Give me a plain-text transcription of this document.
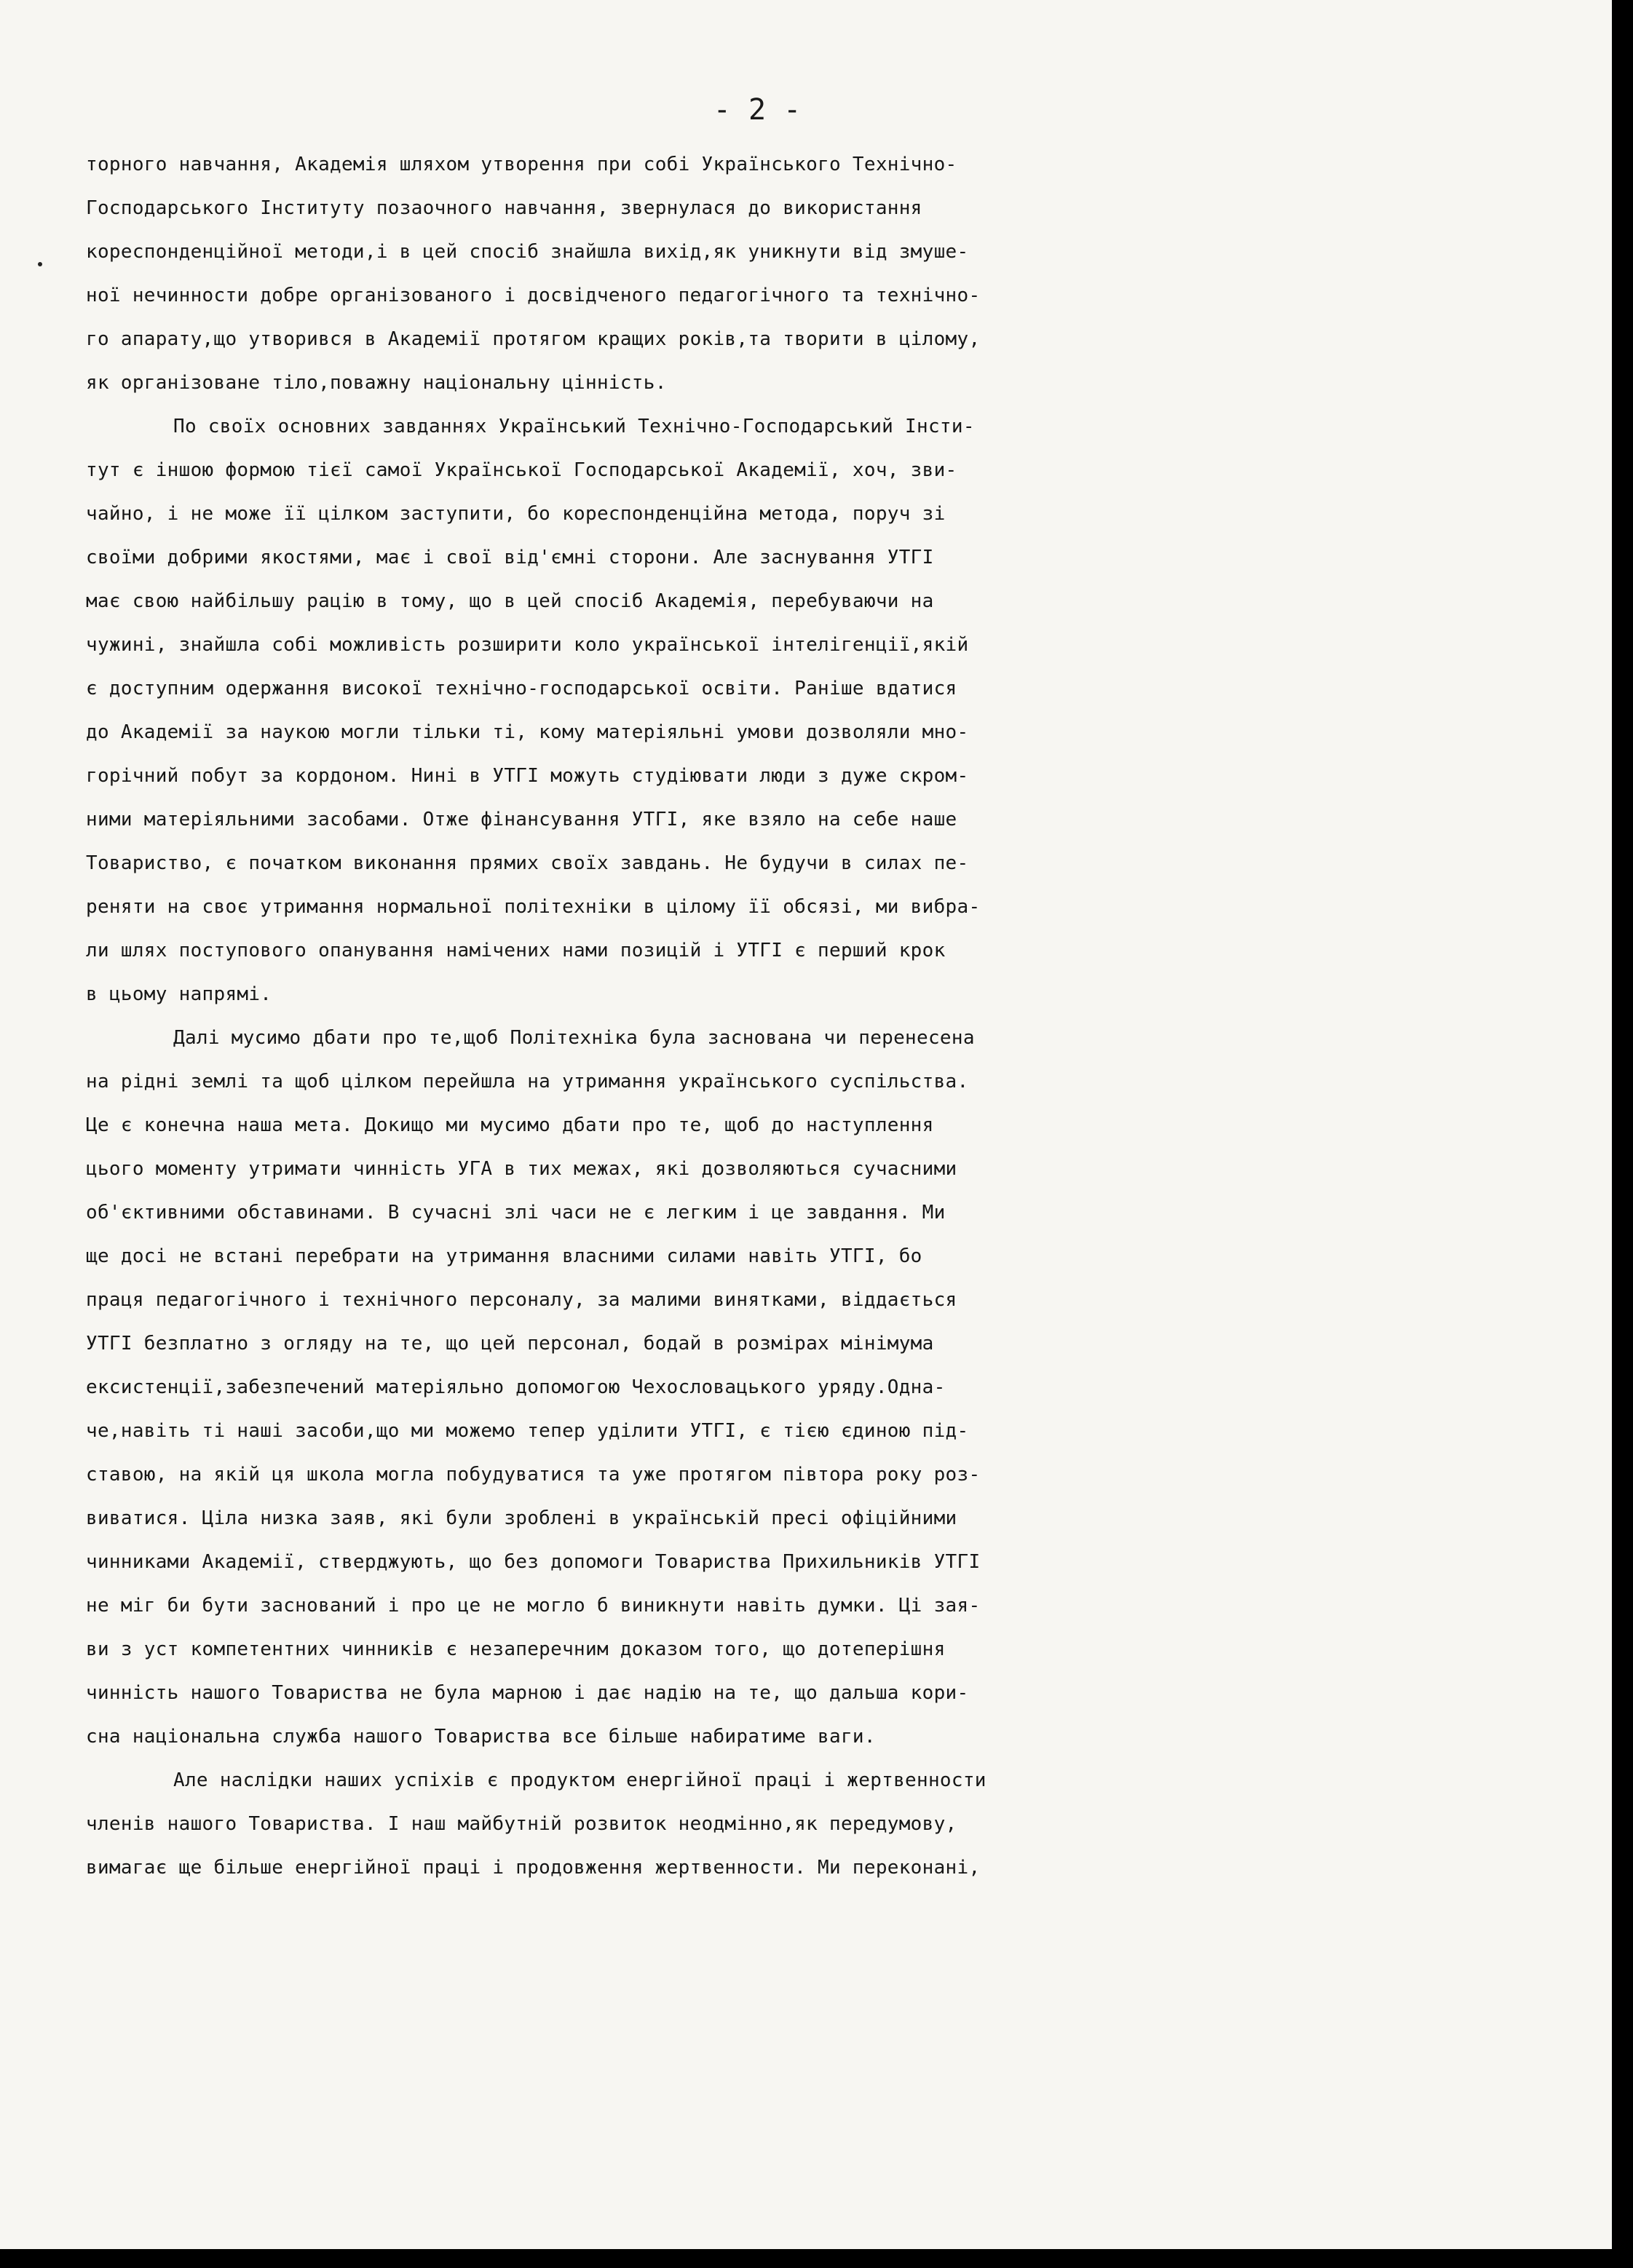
- 2 -
торного навчання, Академія шляхом утворення при собі Українського Технічно-
Господарського Інституту позаочного навчання, звернулася до використання
кореспонденційної методи,і в цей спосіб знайшла вихід,як уникнути від змуше-
ної нечинности добре організованого і досвідченого педагогічного та технічно-
го апарату,що утворився в Академії протягом кращих років,та творити в цілому,
як організоване тіло,поважну національну цінність.
По своїх основних завданнях Український Технічно-Господарський Інсти-
тут є іншою формою тієї самої Української Господарської Академії, хоч, зви-
чайно, і не може її цілком заступити, бо кореспонденційна метода, поруч зі
своїми добрими якостями, має і свої від'ємні сторони. Але заснування УТГІ
має свою найбільшу рацію в тому, що в цей спосіб Академія, перебуваючи на
чужині, знайшла собі можливість розширити коло української інтелігенції,якій
є доступним одержання високої технічно-господарської освіти. Раніше вдатися
до Академії за наукою могли тільки ті, кому матеріяльні умови дозволяли мно-
горічний побут за кордоном. Нині в УТГІ можуть студіювати люди з дуже скром-
ними матеріяльними засобами. Отже фінансування УТГІ, яке взяло на себе наше
Товариство, є початком виконання прямих своїх завдань. Не будучи в силах пе-
реняти на своє утримання нормальної політехніки в цілому її обсязі, ми вибра-
ли шлях поступового опанування намічених нами позицій і УТГІ є перший крок
в цьому напрямі.
Далі мусимо дбати про те,щоб Політехніка була заснована чи перенесена
на рідні землі та щоб цілком перейшла на утримання українського суспільства.
Це є конечна наша мета. Докищо ми мусимо дбати про те, щоб до наступлення
цього моменту утримати чинність УГА в тих межах, які дозволяються сучасними
об'єктивними обставинами. В сучасні злі часи не є легким і це завдання. Ми
ще досі не встані перебрати на утримання власними силами навіть УТГІ, бо
праця педагогічного і технічного персоналу, за малими винятками, віддається
УТГІ безплатно з огляду на те, що цей персонал, бодай в розмірах мінімума
ексистенції,забезпечений матеріяльно допомогою Чехословацького уряду.Одна-
че,навіть ті наші засоби,що ми можемо тепер уділити УТГІ, є тією єдиною під-
ставою, на якій ця школа могла побудуватися та уже протягом півтора року роз-
виватися. Ціла низка заяв, які були зроблені в українській пресі офіційними
чинниками Академії, стверджують, що без допомоги Товариства Прихильників УТГІ
не міг би бути заснований і про це не могло б виникнути навіть думки. Ці зая-
ви з уст компетентних чинників є незаперечним доказом того, що дотеперішня
чинність нашого Товариства не була марною і дає надію на те, що дальша кори-
сна національна служба нашого Товариства все більше набиратиме ваги.
Але наслідки наших успіхів є продуктом енергійної праці і жертвенности
членів нашого Товариства. І наш майбутній розвиток неодмінно,як передумову,
вимагає ще більше енергійної праці і продовження жертвенности. Ми переконані,
